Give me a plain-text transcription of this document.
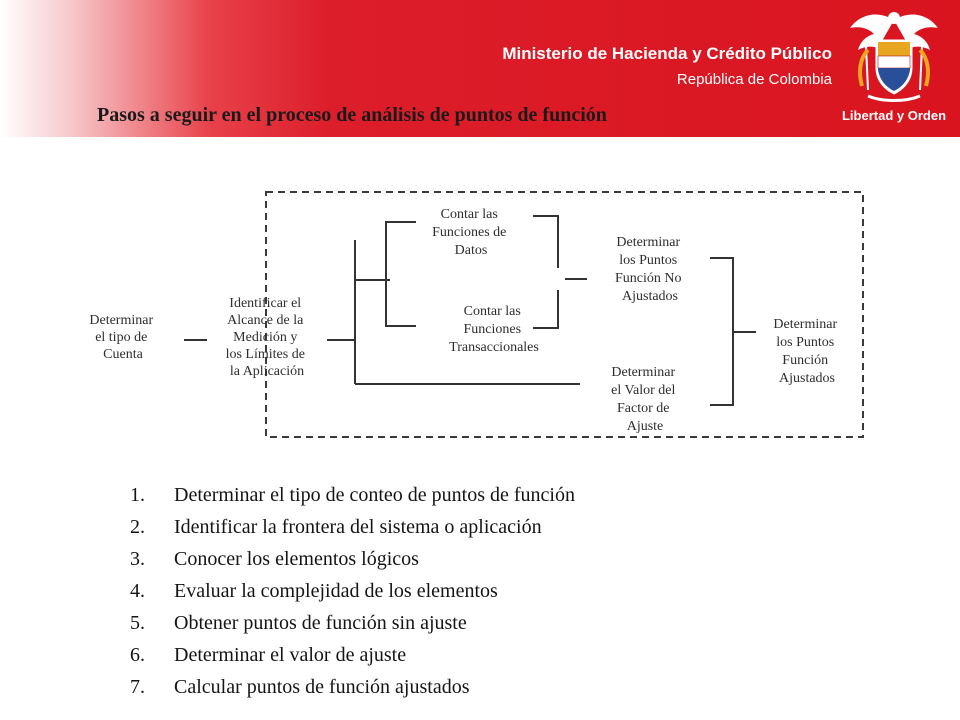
Ministerio de Hacienda y Crédito Público
República de Colombia
Libertad y Orden
Pasos a seguir en el proceso de análisis de puntos de función
Determinar el tipo de Cuenta
Identificar el Alcance de la Medición y los Límites de la Aplicación
Contar las Funciones de Datos
Contar las Funciones Transaccionales
Determinar los Puntos Función No Ajustados
Determinar el Valor del Factor de Ajuste
Determinar los Puntos Función Ajustados
1. Determinar el tipo de conteo de puntos de función
2. Identificar la frontera del sistema o aplicación
3. Conocer los elementos lógicos
4. Evaluar la complejidad de los elementos
5. Obtener puntos de función sin ajuste
6. Determinar el valor de ajuste
7. Calcular puntos de función ajustados
